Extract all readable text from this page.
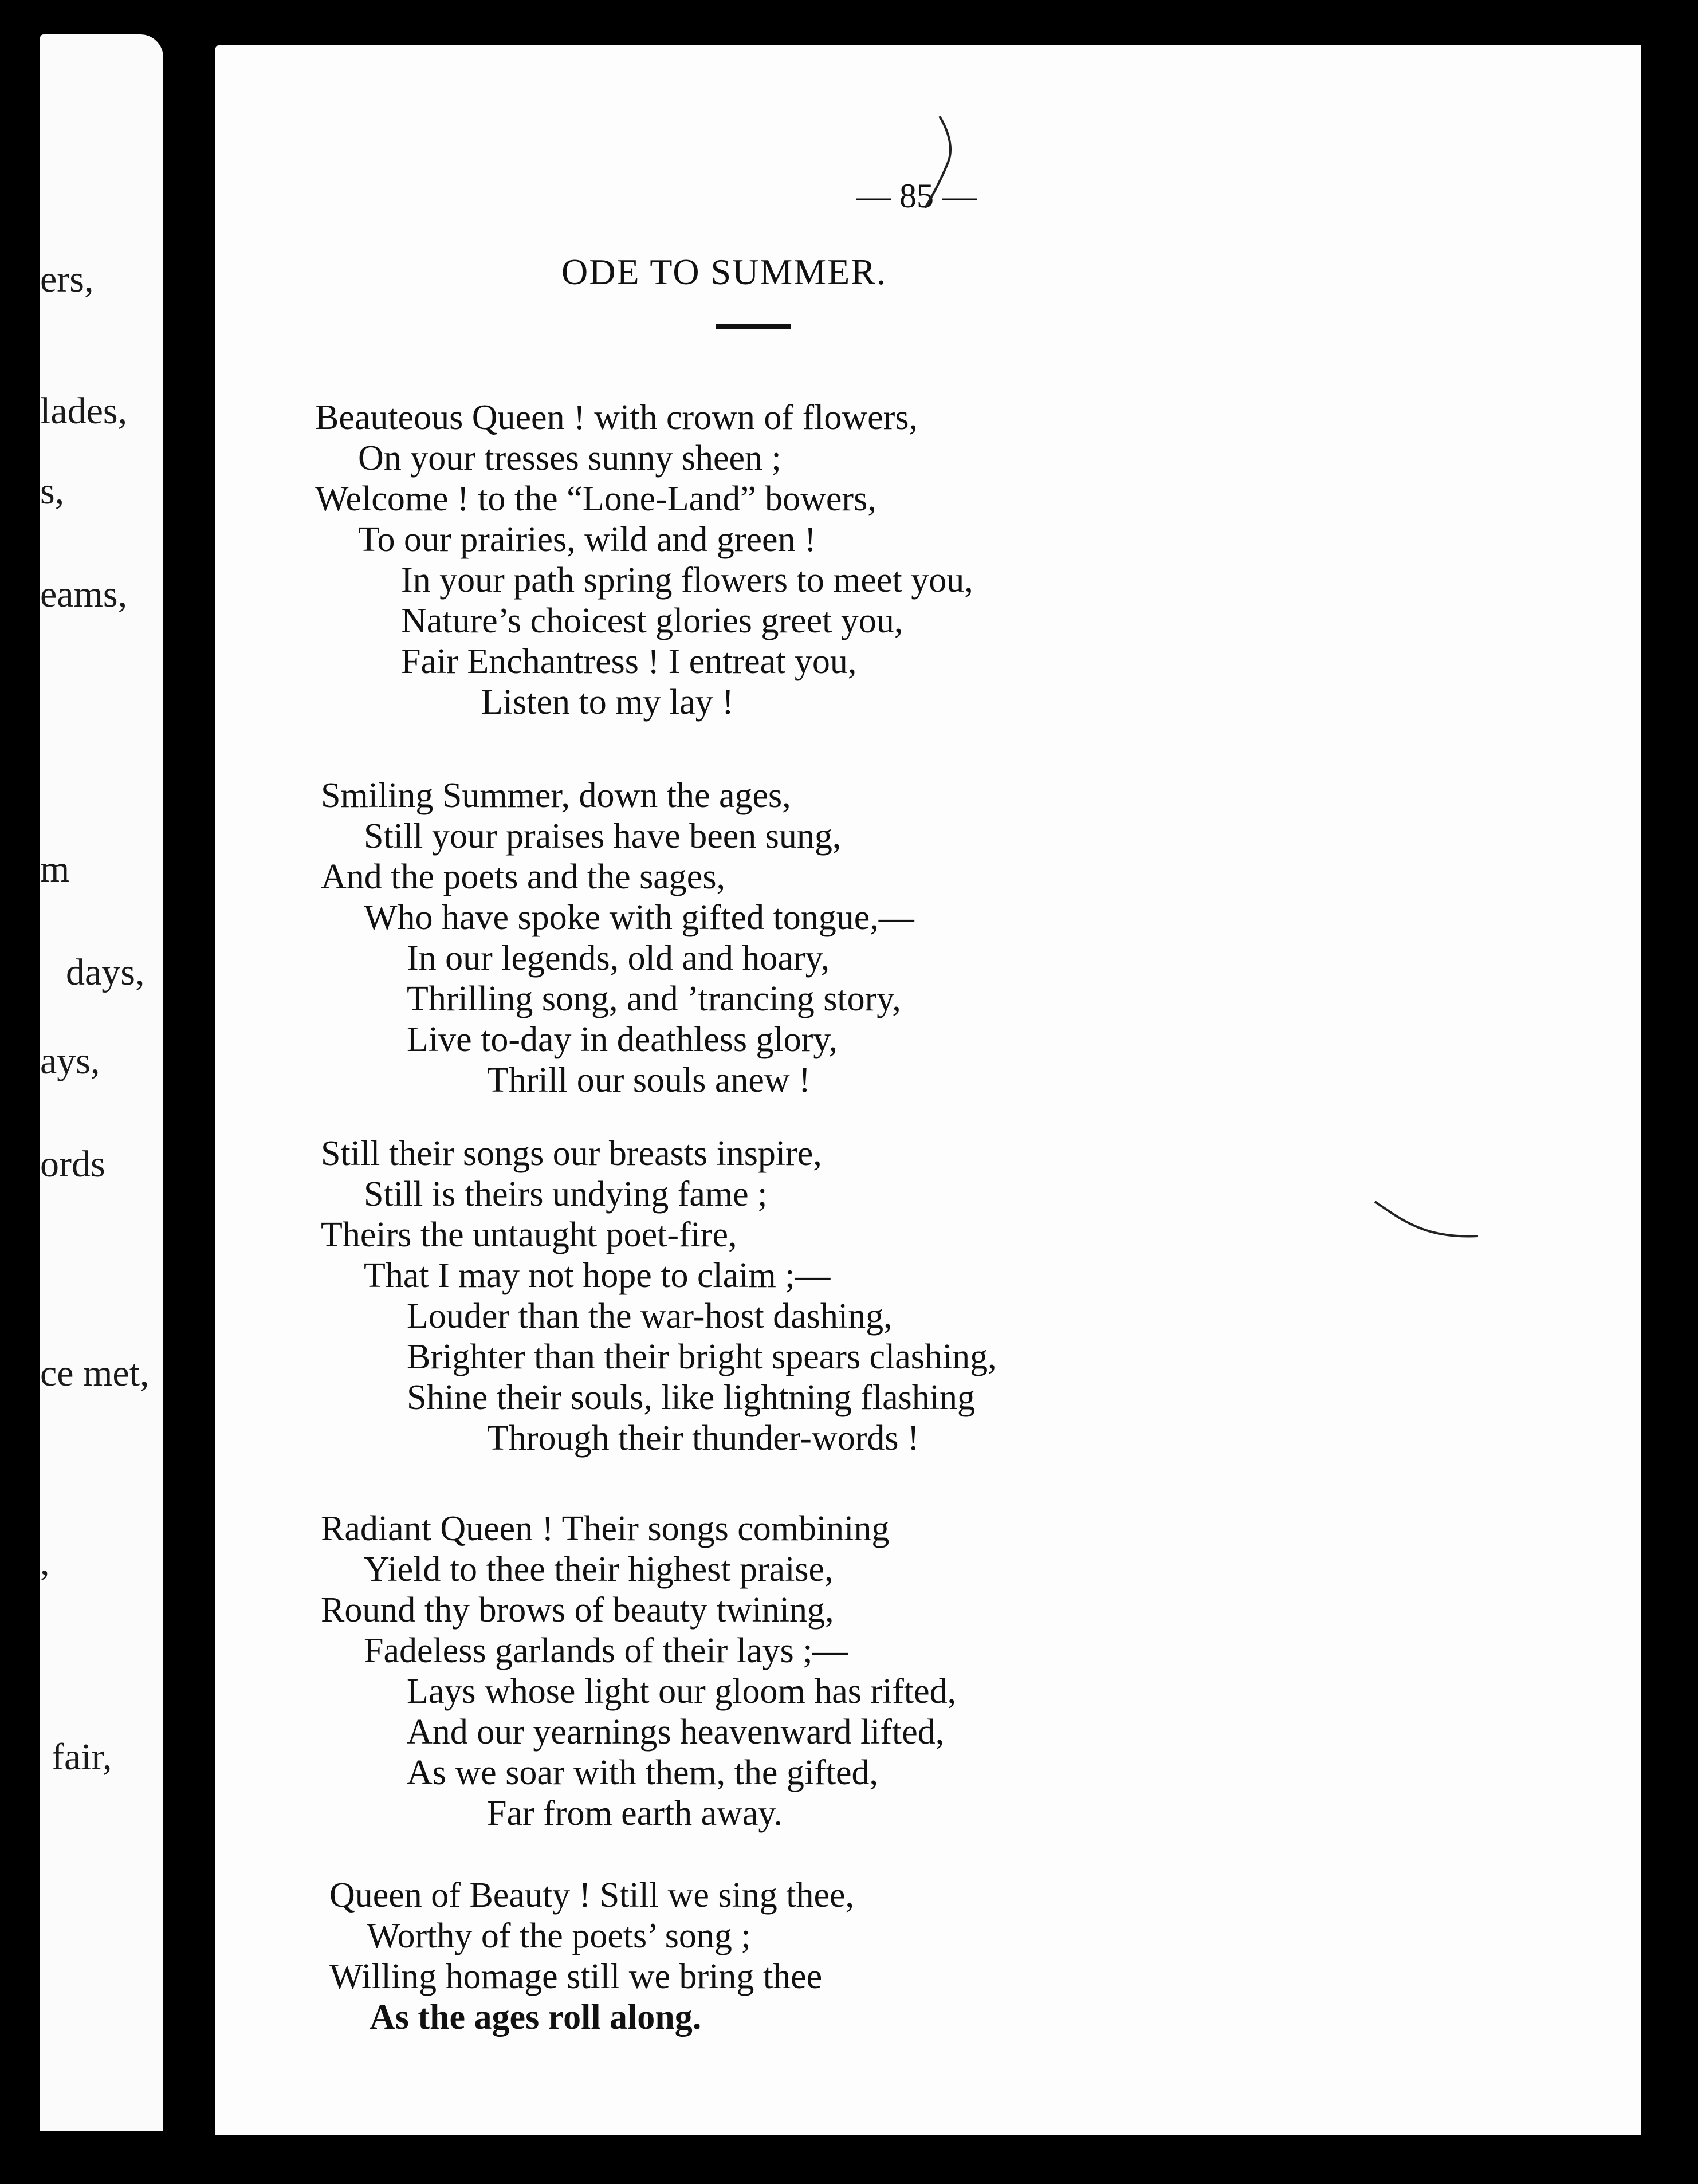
ers,
lades,
s,
eams,
m
days,
ays,
ords
ce met,
,
fair,
— 85 —
ODE TO SUMMER.
Beauteous Queen ! with crown of flowers,
On your tresses sunny sheen ;
Welcome ! to the “Lone-Land” bowers,
To our prairies, wild and green !
In your path spring flowers to meet you,
Nature’s choicest glories greet you,
Fair Enchantress ! I entreat you,
Listen to my lay !
Smiling Summer, down the ages,
Still your praises have been sung,
And the poets and the sages,
Who have spoke with gifted tongue,—
In our legends, old and hoary,
Thrilling song, and ’trancing story,
Live to-day in deathless glory,
Thrill our souls anew !
Still their songs our breasts inspire,
Still is theirs undying fame ;
Theirs the untaught poet-fire,
That I may not hope to claim ;—
Louder than the war-host dashing,
Brighter than their bright spears clashing,
Shine their souls, like lightning flashing
Through their thunder-words !
Radiant Queen ! Their songs combining
Yield to thee their highest praise,
Round thy brows of beauty twining,
Fadeless garlands of their lays ;—
Lays whose light our gloom has rifted,
And our yearnings heavenward lifted,
As we soar with them, the gifted,
Far from earth away.
Queen of Beauty ! Still we sing thee,
Worthy of the poets’ song ;
Willing homage still we bring thee
As the ages roll along.
